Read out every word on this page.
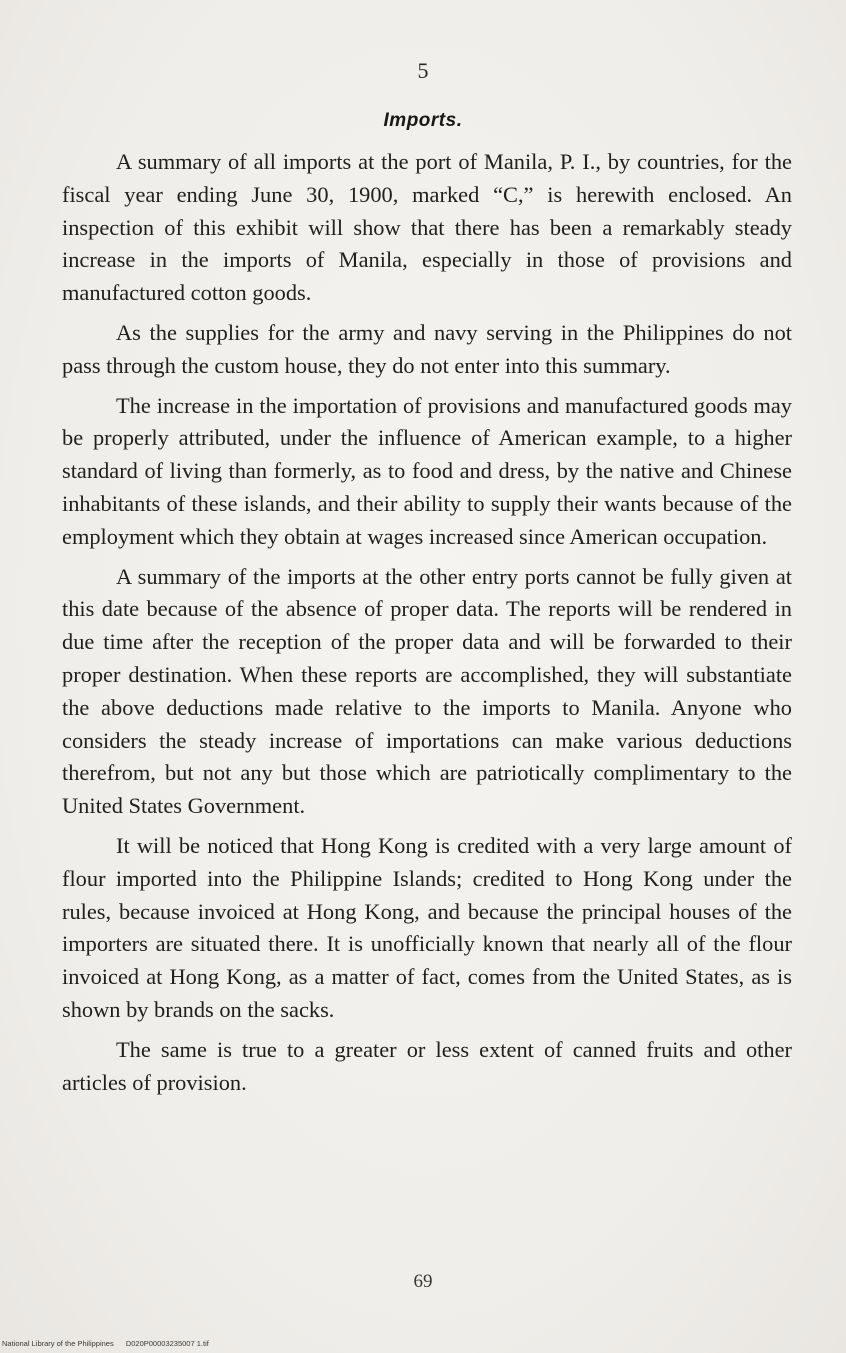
5
Imports.

A summary of all imports at the port of Manila, P. I., by countries, for the fiscal year ending June 30, 1900, marked “C,” is herewith enclosed. An inspection of this exhibit will show that there has been a remarkably steady increase in the imports of Manila, especially in those of provisions and manufactured cotton goods.

As the supplies for the army and navy serving in the Philippines do not pass through the custom house, they do not enter into this summary.

The increase in the importation of provisions and manufactured goods may be properly attributed, under the influence of American example, to a higher standard of living than formerly, as to food and dress, by the native and Chinese inhabitants of these islands, and their ability to supply their wants because of the employment which they obtain at wages increased since American occupation.

A summary of the imports at the other entry ports cannot be fully given at this date because of the absence of proper data. The reports will be rendered in due time after the reception of the proper data and will be forwarded to their proper destination. When these reports are accomplished, they will substantiate the above deductions made relative to the imports to Manila. Anyone who considers the steady increase of importations can make various deductions therefrom, but not any but those which are patriotically complimentary to the United States Government.

It will be noticed that Hong Kong is credited with a very large amount of flour imported into the Philippine Islands; credited to Hong Kong under the rules, because invoiced at Hong Kong, and because the principal houses of the importers are situated there. It is unofficially known that nearly all of the flour invoiced at Hong Kong, as a matter of fact, comes from the United States, as is shown by brands on the sacks.

The same is true to a greater or less extent of canned fruits and other articles of provision.

69
National Library of the Philippines D020P00003235007 1.tif
